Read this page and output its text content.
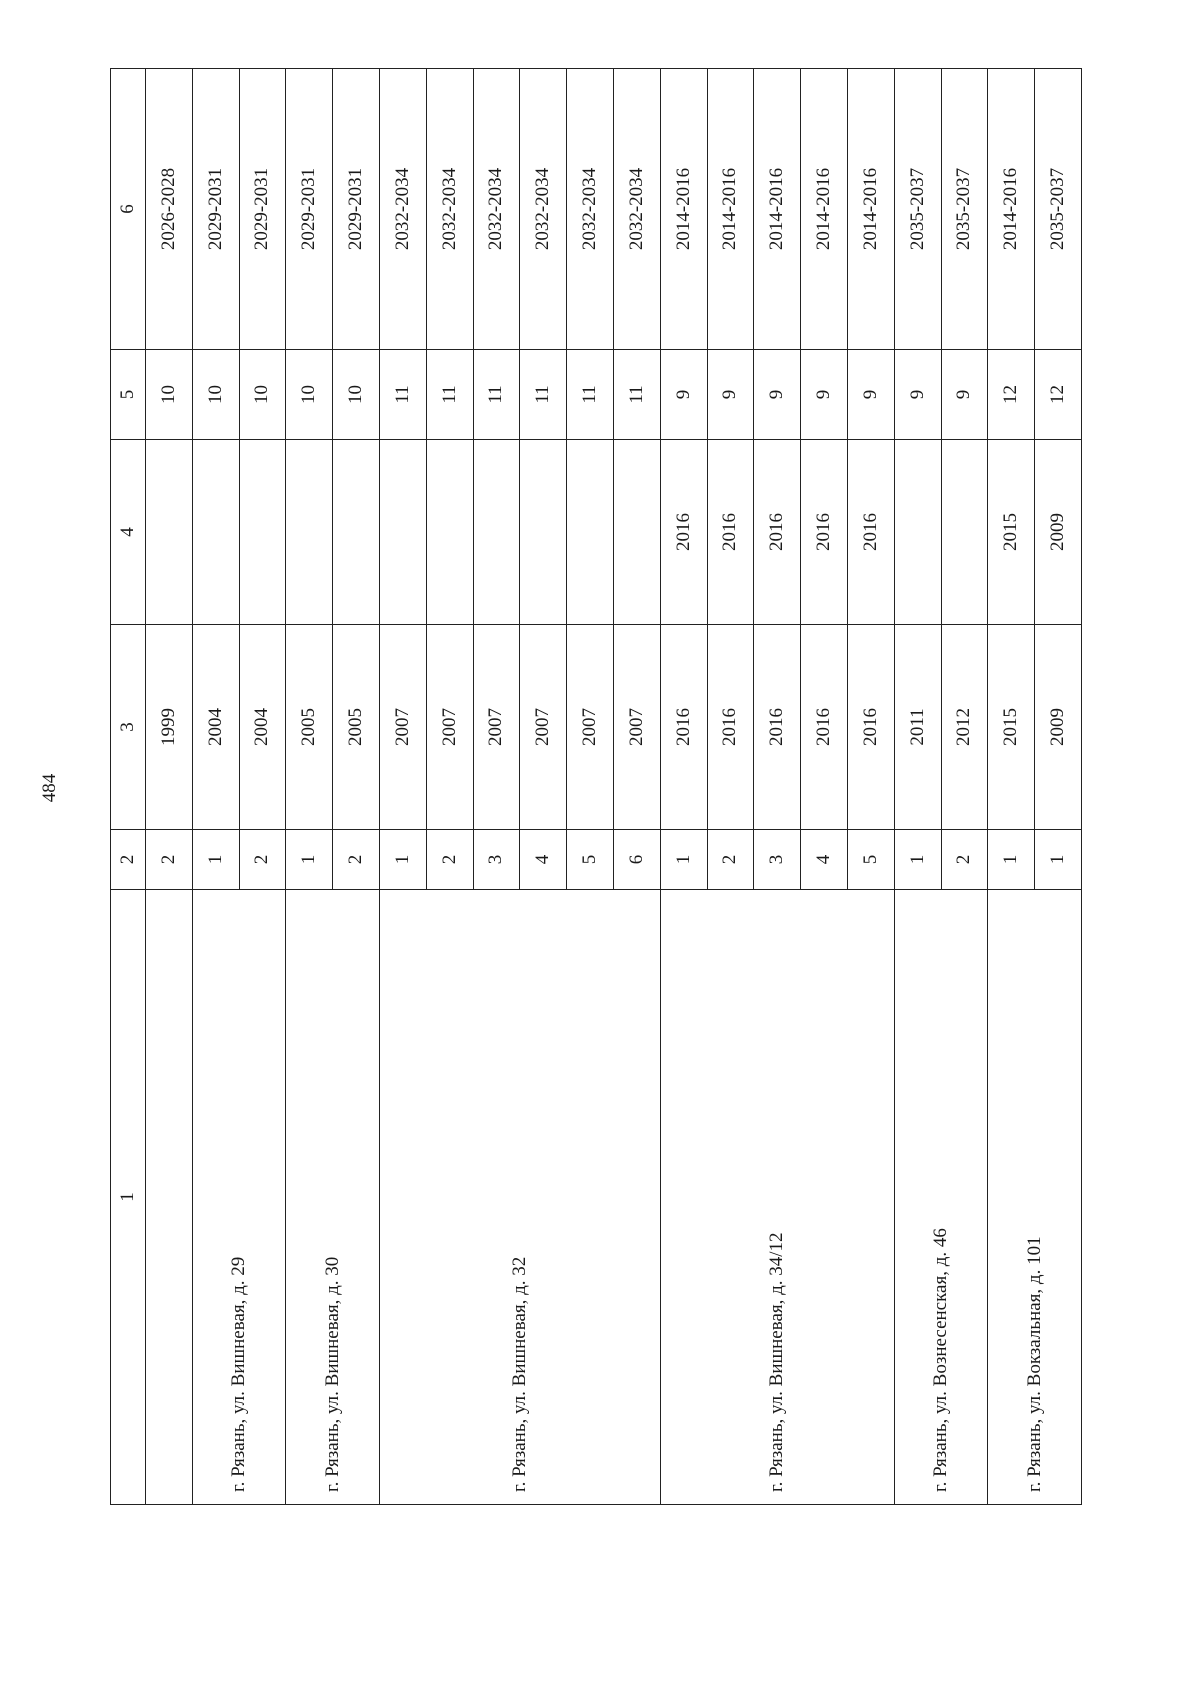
484
1	2	3	4	5	6
	2	1999		10	2026-2028
г. Рязань, ул. Вишневая, д. 29	1	2004		10	2029-2031
	2	2004		10	2029-2031
г. Рязань, ул. Вишневая, д. 30	1	2005		10	2029-2031
	2	2005		10	2029-2031
г. Рязань, ул. Вишневая, д. 32	1	2007		11	2032-2034
	2	2007		11	2032-2034
	3	2007		11	2032-2034
	4	2007		11	2032-2034
	5	2007		11	2032-2034
	6	2007		11	2032-2034
г. Рязань, ул. Вишневая, д. 34/12	1	2016	2016	9	2014-2016
	2	2016	2016	9	2014-2016
	3	2016	2016	9	2014-2016
	4	2016	2016	9	2014-2016
	5	2016	2016	9	2014-2016
г. Рязань, ул. Вознесенская, д. 46	1	2011		9	2035-2037
	2	2012		9	2035-2037
г. Рязань, ул. Вокзальная, д. 101	1	2015	2015	12	2014-2016
	1	2009	2009	12	2035-2037
